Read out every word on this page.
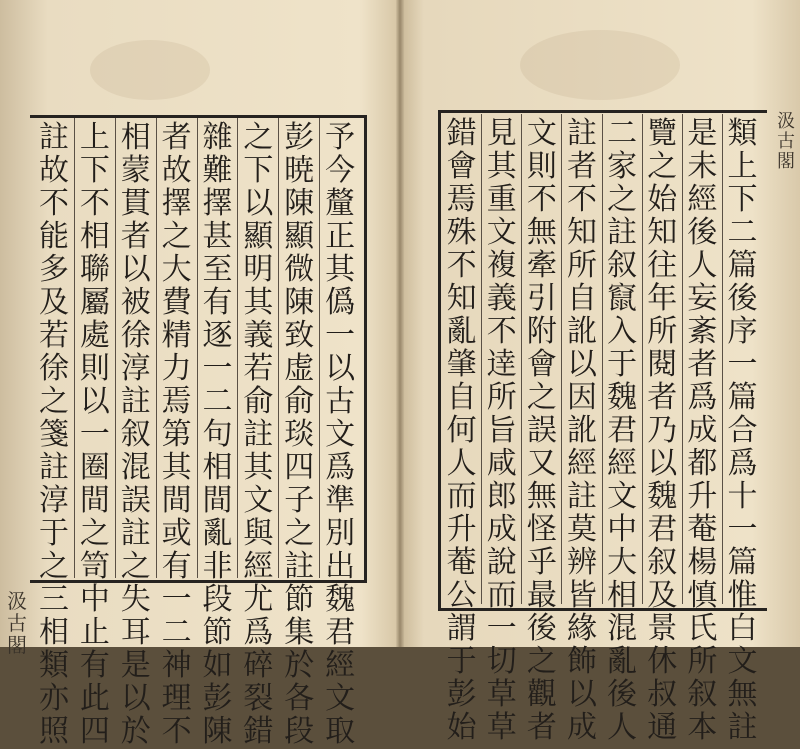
予
今
釐
正
其
僞
一
以
古
文
爲
準
別
出
魏
君
經
文
取
彭
暁
陳
顯
微
陳
致
虚
俞
琰
四
子
之
註
節
集
於
各
段
之
下
以
顯
明
其
義
若
俞
註
其
文
與
經
尤
爲
碎
裂
錯
雜
難
擇
甚
至
有
逐
一
二
句
相
間
亂
非
段
節
如
彭
陳
者
故
擇
之
大
費
精
力
焉
第
其
間
或
有
一
二
神
理
不
相
蒙
貫
者
以
被
徐
淳
註
叙
混
誤
註
之
失
耳
是
以
於
上
下
不
相
聯
屬
處
則
以
一
圈
間
之
笥
中
止
有
此
四
註
故
不
能
多
及
若
徐
之
箋
註
淳
于
之
三
相
類
亦
照
汲古閣
類
上
下
二
篇
後
序
一
篇
合
爲
十
一
篇
惟
白
文
無
註
是
未
經
後
人
妄
紊
者
爲
成
都
升
菴
楊
慎
氏
所
叙
本
覽
之
始
知
往
年
所
閱
者
乃
以
魏
君
叙
及
景
休
叔
通
二
家
之
註
叙
竄
入
于
魏
君
經
文
中
大
相
混
亂
後
人
註
者
不
知
所
自
訛
以
因
訛
經
註
莫
辨
皆
緣
飾
以
成
文
則
不
無
牽
引
附
會
之
誤
又
無
怪
乎
最
後
之
觀
者
見
其
重
文
複
義
不
逹
所
旨
咸
郎
成
說
而
一
切
草
草
錯
會
焉
殊
不
知
亂
肇
自
何
人
而
升
菴
公
謂
于
彭
始
汲古閣
